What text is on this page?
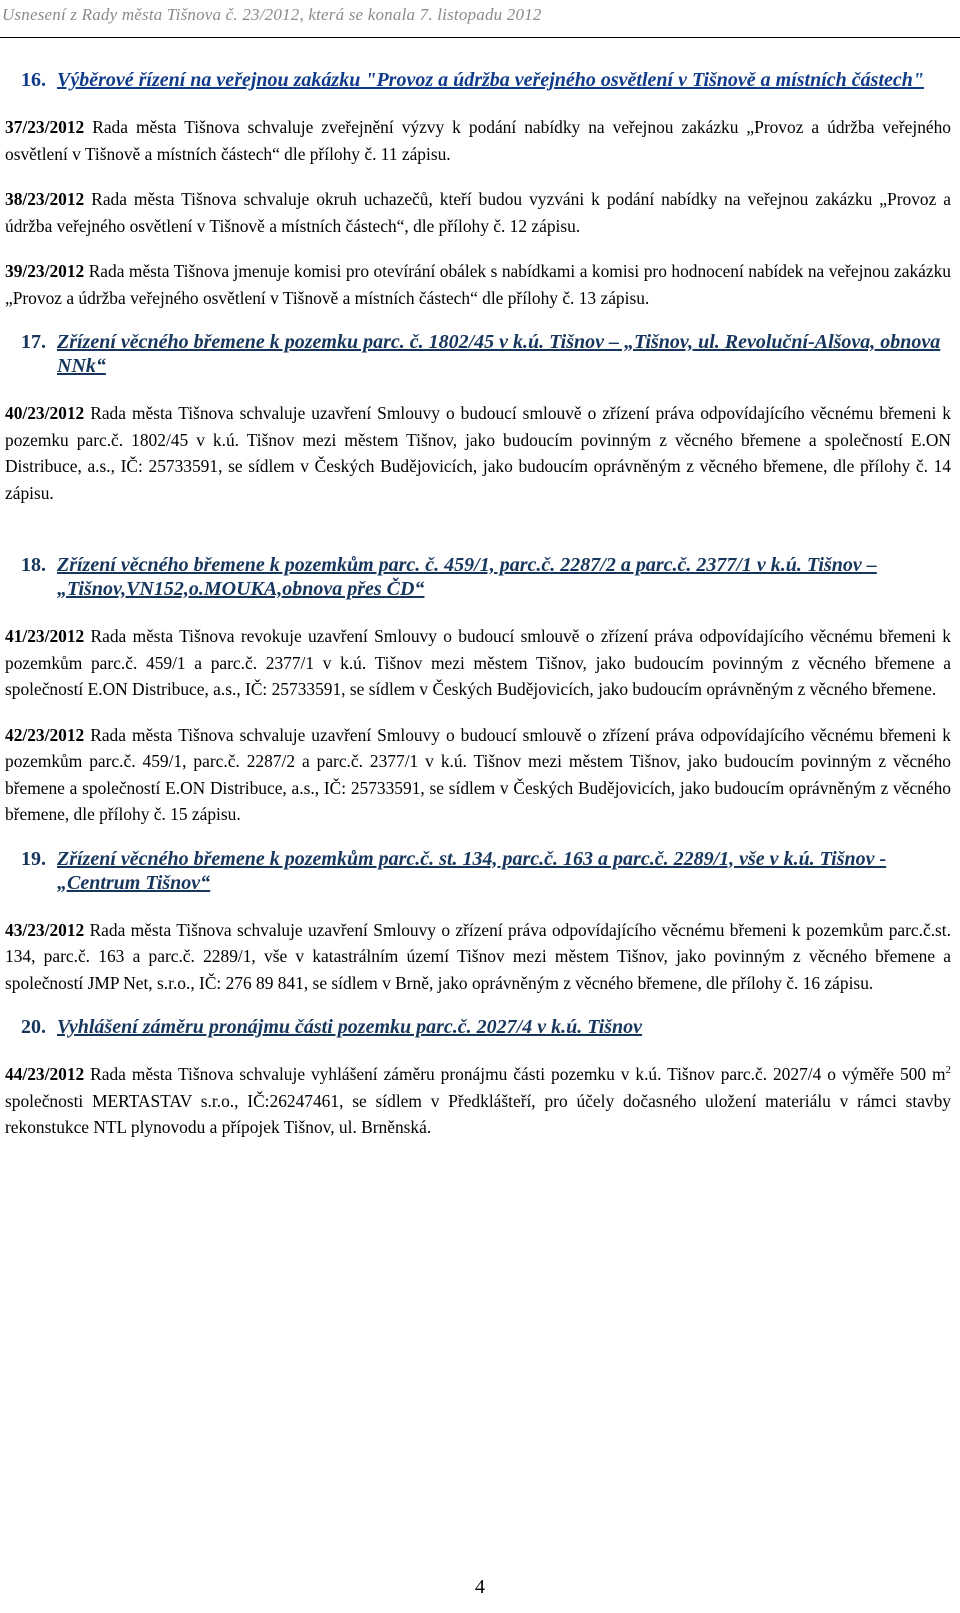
Usnesení z Rady města Tišnova č. 23/2012, která se konala 7. listopadu 2012
16. Výběrové řízení na veřejnou zakázku "Provoz a údržba veřejného osvětlení v Tišnově a místních částech"

37/23/2012 Rada města Tišnova schvaluje zveřejnění výzvy k podání nabídky na veřejnou zakázku „Provoz a údržba veřejného osvětlení v Tišnově a místních částech“ dle přílohy č. 11 zápisu.

38/23/2012 Rada města Tišnova schvaluje okruh uchazečů, kteří budou vyzváni k podání nabídky na veřejnou zakázku „Provoz a údržba veřejného osvětlení v Tišnově a místních částech“, dle přílohy č. 12 zápisu.

39/23/2012 Rada města Tišnova jmenuje komisi pro otevírání obálek s nabídkami a komisi pro hodnocení nabídek na veřejnou zakázku „Provoz a údržba veřejného osvětlení v Tišnově a místních částech“ dle přílohy č. 13 zápisu.

17. Zřízení věcného břemene k pozemku parc. č. 1802/45 v k.ú. Tišnov – „Tišnov, ul. Revoluční-Alšova, obnova NNk“

40/23/2012 Rada města Tišnova schvaluje uzavření Smlouvy o budoucí smlouvě o zřízení práva odpovídajícího věcnému břemeni k pozemku parc.č. 1802/45 v k.ú. Tišnov mezi městem Tišnov, jako budoucím povinným z věcného břemene a společností E.ON Distribuce, a.s., IČ: 25733591, se sídlem v Českých Budějovicích, jako budoucím oprávněným z věcného břemene, dle přílohy č. 14 zápisu.

18. Zřízení věcného břemene k pozemkům parc. č. 459/1, parc.č. 2287/2 a parc.č. 2377/1 v k.ú. Tišnov – „Tišnov,VN152,o.MOUKA,obnova přes ČD“

41/23/2012 Rada města Tišnova revokuje uzavření Smlouvy o budoucí smlouvě o zřízení práva odpovídajícího věcnému břemeni k pozemkům parc.č. 459/1 a parc.č. 2377/1 v k.ú. Tišnov mezi městem Tišnov, jako budoucím povinným z věcného břemene a společností E.ON Distribuce, a.s., IČ: 25733591, se sídlem v Českých Budějovicích, jako budoucím oprávněným z věcného břemene.

42/23/2012 Rada města Tišnova schvaluje uzavření Smlouvy o budoucí smlouvě o zřízení práva odpovídajícího věcnému břemeni k pozemkům parc.č. 459/1, parc.č. 2287/2 a parc.č. 2377/1 v k.ú. Tišnov mezi městem Tišnov, jako budoucím povinným z věcného břemene a společností E.ON Distribuce, a.s., IČ: 25733591, se sídlem v Českých Budějovicích, jako budoucím oprávněným z věcného břemene, dle přílohy č. 15 zápisu.

19. Zřízení věcného břemene k pozemkům parc.č. st. 134, parc.č. 163 a parc.č. 2289/1, vše v k.ú. Tišnov - „Centrum Tišnov“

43/23/2012 Rada města Tišnova schvaluje uzavření Smlouvy o zřízení práva odpovídajícího věcnému břemeni k pozemkům parc.č.st. 134, parc.č. 163 a parc.č. 2289/1, vše v katastrálním území Tišnov mezi městem Tišnov, jako povinným z věcného břemene a společností JMP Net, s.r.o., IČ: 276 89 841, se sídlem v Brně, jako oprávněným z věcného břemene, dle přílohy č. 16 zápisu.

20. Vyhlášení záměru pronájmu části pozemku parc.č. 2027/4 v k.ú. Tišnov

44/23/2012 Rada města Tišnova schvaluje vyhlášení záměru pronájmu části pozemku v k.ú. Tišnov parc.č. 2027/4 o výměře 500 $m^2$ společnosti MERTASTAV s.r.o., IČ:26247461, se sídlem v Předklášteří, pro účely dočasného uložení materiálu v rámci stavby rekonstukce NTL plynovodu a přípojek Tišnov, ul. Brněnská.

4
